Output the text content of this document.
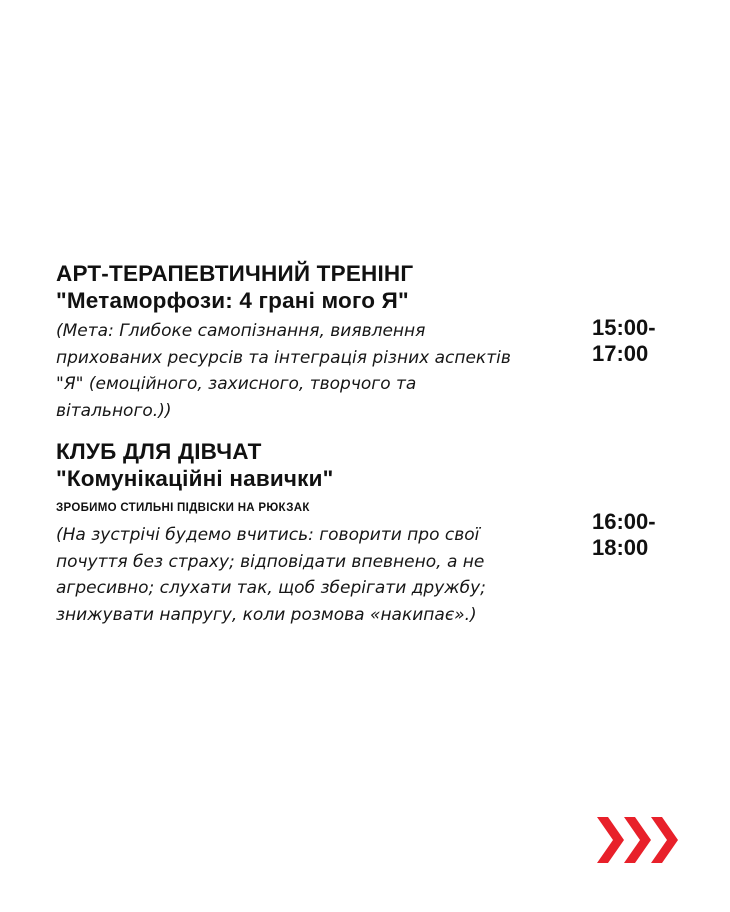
АРТ-ТЕРАПЕВТИЧНИЙ ТРЕНІНГ
"Метаморфози: 4 грані мого Я"

(Мета: Глибоке самопізнання, виявлення прихованих ресурсів та інтеграція різних аспектів "Я" (емоційного, захисного, творчого та вітального.))

15:00-
17:00
КЛУБ ДЛЯ ДІВЧАТ
"Комунікаційні навички"

ЗРОБИМО СТИЛЬНІ ПІДВІСКИ НА РЮКЗАК

(На зустрічі будемо вчитись: говорити про свої почуття без страху; відповідати впевнено, а не агресивно; слухати так, щоб зберігати дружбу; знижувати напругу, коли розмова «накипає».)

16:00-
18:00
